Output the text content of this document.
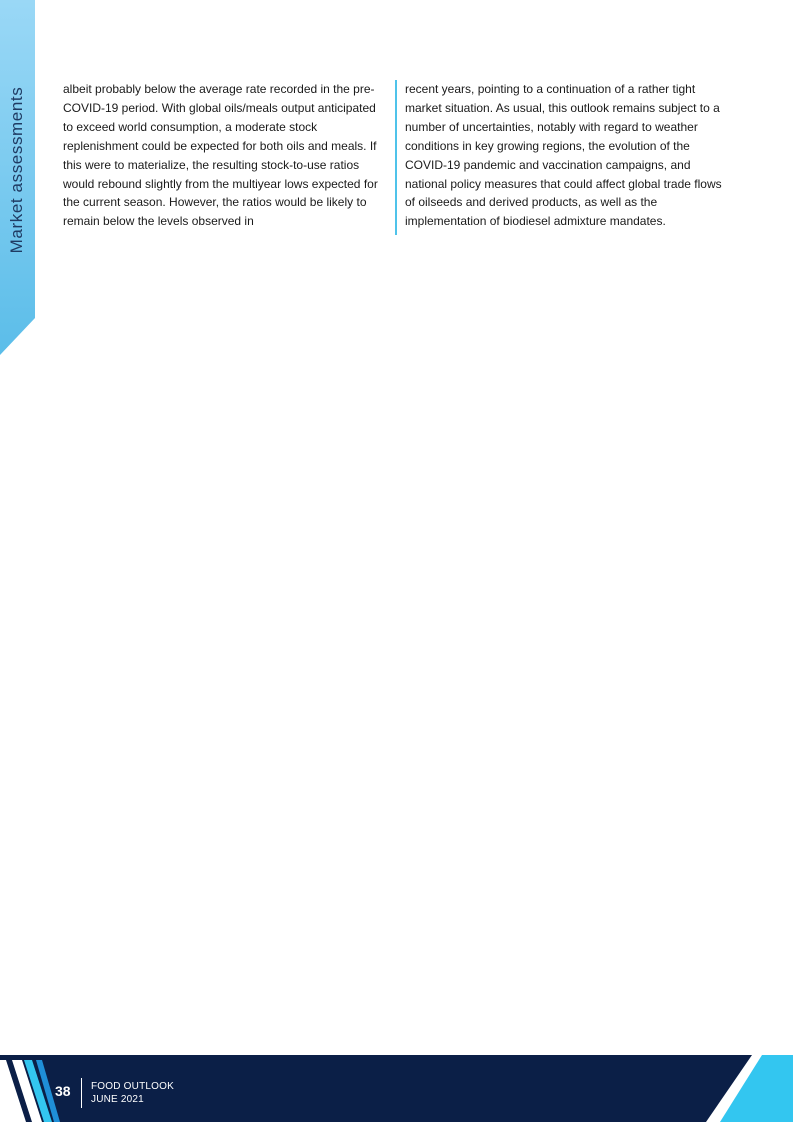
Market assessments	albeit probably below the average rate recorded in the pre-COVID-19 period. With global oils/meals output anticipated to exceed world consumption, a moderate stock replenishment could be expected for both oils and meals. If this were to materialize, the resulting stock-to-use ratios would rebound slightly from the multiyear lows expected for the current season. However, the ratios would be likely to remain below the levels observed in

recent years, pointing to a continuation of a rather tight market situation. As usual, this outlook remains subject to a number of uncertainties, notably with regard to weather conditions in key growing regions, the evolution of the COVID-19 pandemic and vaccination campaigns, and national policy measures that could affect global trade flows of oilseeds and derived products, as well as the implementation of biodiesel admixture mandates.

38 FOOD OUTLOOK
JUNE 2021
